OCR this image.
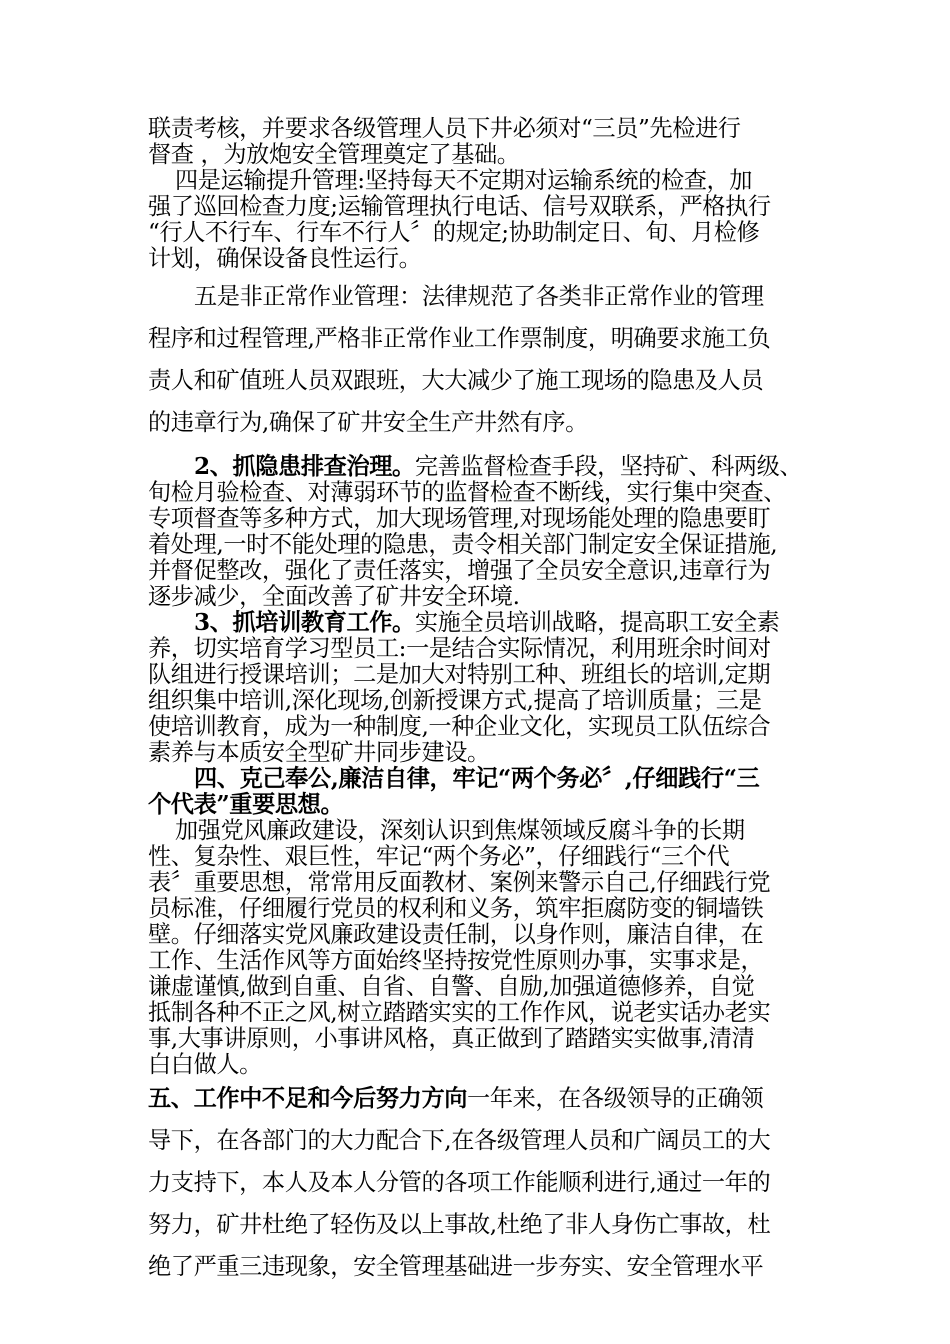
联责考核，并要求各级管理人员下井必须对“三员”先检进行
督查 ，为放炮安全管理奠定了基础。
四是运输提升管理:坚持每天不定期对运输系统的检查，加
强了巡回检查力度;运输管理执行电话、信号双联系，严格执行
“行人不行车、行车不行人〞的规定;协助制定日、旬、月检修
计划，确保设备良性运行。
五是非正常作业管理：法律规范了各类非正常作业的管理
程序和过程管理,严格非正常作业工作票制度，明确要求施工负
责人和矿值班人员双跟班，大大减少了施工现场的隐患及人员
的违章行为,确保了矿井安全生产井然有序。
2、抓隐患排查治理。完善监督检查手段，坚持矿、科两级、
旬检月验检查、对薄弱环节的监督检查不断线，实行集中突查、
专项督查等多种方式，加大现场管理,对现场能处理的隐患要盯
着处理,一时不能处理的隐患，责令相关部门制定安全保证措施,
并督促整改，强化了责任落实，增强了全员安全意识,违章行为
逐步减少，全面改善了矿井安全环境.
3、抓培训教育工作。实施全员培训战略，提高职工安全素
养，切实培育学习型员工:一是结合实际情况，利用班余时间对
队组进行授课培训；二是加大对特别工种、班组长的培训,定期
组织集中培训,深化现场,创新授课方式,提高了培训质量；三是
使培训教育，成为一种制度,一种企业文化，实现员工队伍综合
素养与本质安全型矿井同步建设。
四、克己奉公,廉洁自律，牢记“两个务必〞,仔细践行“三
个代表”重要思想。
加强党风廉政建设，深刻认识到焦煤领域反腐斗争的长期
性、复杂性、艰巨性，牢记“两个务必”，仔细践行“三个代
表〞重要思想，常常用反面教材、案例来警示自己,仔细践行党
员标准，仔细履行党员的权利和义务，筑牢拒腐防变的铜墙铁
壁。仔细落实党风廉政建设责任制，以身作则，廉洁自律，在
工作、生活作风等方面始终坚持按党性原则办事，实事求是，
谦虚谨慎,做到自重、自省、自警、自励,加强道德修养，自觉
抵制各种不正之风,树立踏踏实实的工作作风，说老实话办老实
事,大事讲原则，小事讲风格，真正做到了踏踏实实做事,清清
白白做人。
五、工作中不足和今后努力方向一年来，在各级领导的正确领
导下，在各部门的大力配合下,在各级管理人员和广阔员工的大
力支持下，本人及本人分管的各项工作能顺利进行,通过一年的
努力，矿井杜绝了轻伤及以上事故,杜绝了非人身伤亡事故，杜
绝了严重三违现象，安全管理基础进一步夯实、安全管理水平
